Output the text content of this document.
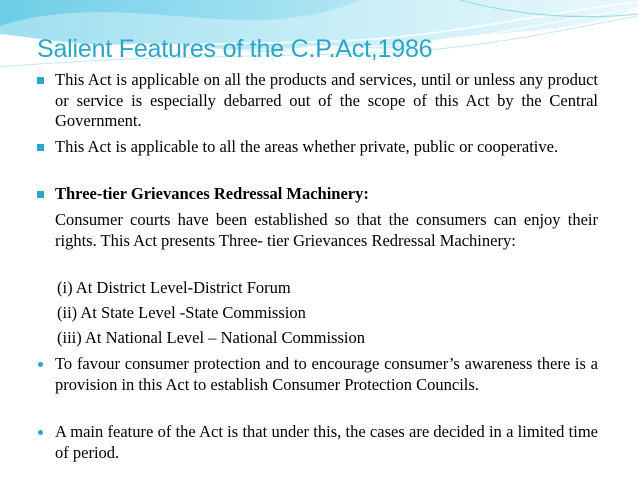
Salient Features of the C.P.Act,1986

This Act is applicable on all the products and services, until or unless any product or service is especially debarred out of the scope of this Act by the Central Government.

This Act is applicable to all the areas whether private, public or cooperative.

Three-tier Grievances Redressal Machinery:

Consumer courts have been established so that the consumers can enjoy their rights. This Act presents Three- tier Grievances Redressal Machinery:

(i) At District Level-District Forum
(ii) At State Level -State Commission
(iii) At National Level – National Commission

To favour consumer protection and to encourage consumer’s awareness there is a provision in this Act to establish Consumer Protection Councils.

A main feature of the Act is that under this, the cases are decided in a limited time of period.
